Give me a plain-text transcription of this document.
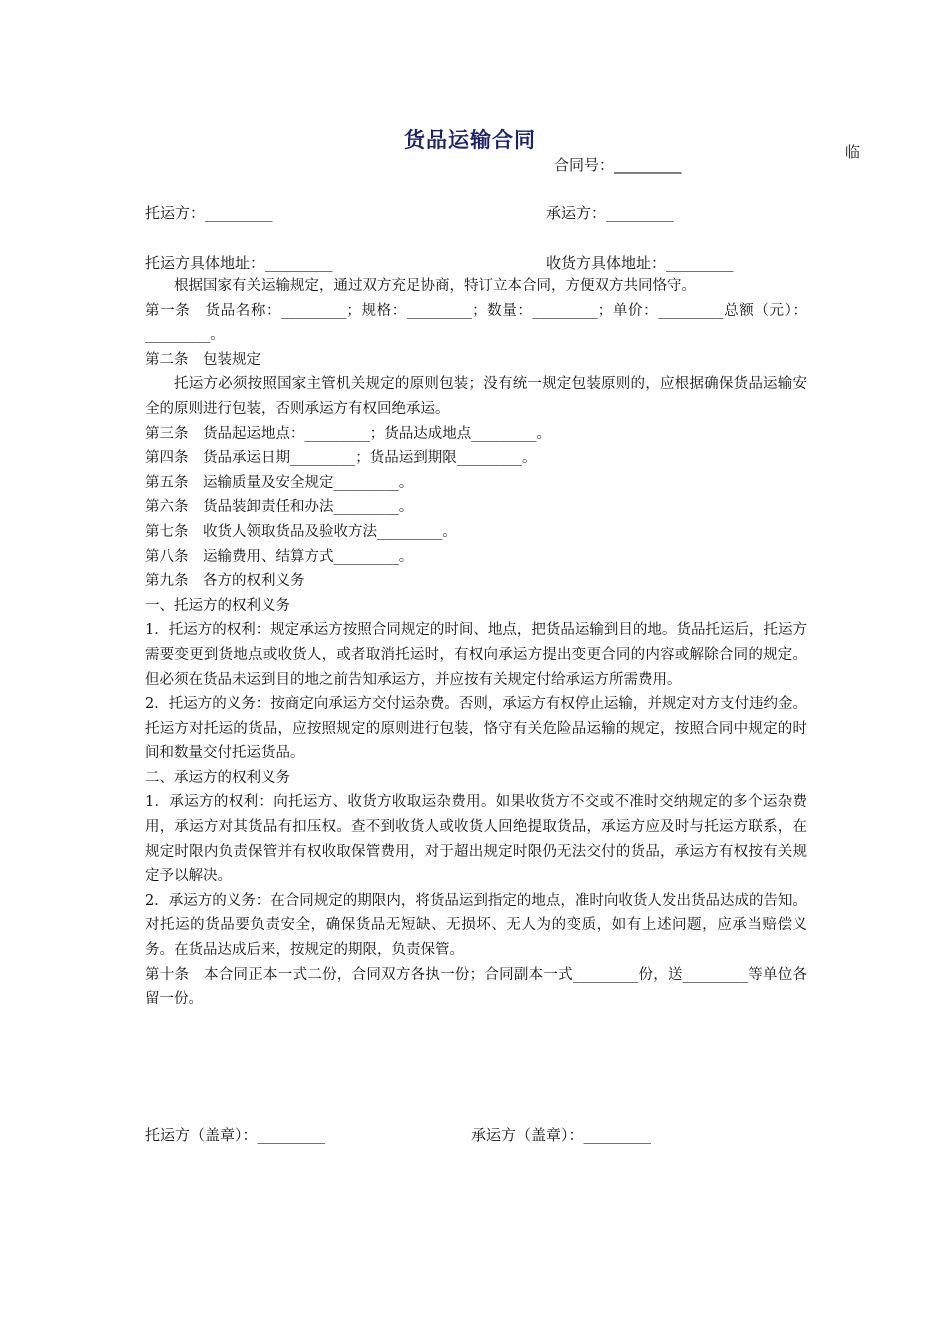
货品运输合同
合同号：_________
临
托运方：_________	承运方：_________
托运方具体地址：_________	收货方具体地址：_________

根据国家有关运输规定，通过双方充足协商，特订立本合同，方便双方共同恪守。

第一条　货品名称：_________；规格：_________；数量：_________；单价：_________总额（元）：_________。

第二条　包装规定

托运方必须按照国家主管机关规定的原则包装；没有统一规定包装原则的，应根据确保货品运输安全的原则进行包装，否则承运方有权回绝承运。

第三条　货品起运地点：_________；货品达成地点_________。

第四条　货品承运日期_________；货品运到期限_________。

第五条　运输质量及安全规定_________。

第六条　货品装卸责任和办法_________。

第七条　收货人领取货品及验收方法_________。

第八条　运输费用、结算方式_________。

第九条　各方的权利义务

一、托运方的权利义务

1．托运方的权利：规定承运方按照合同规定的时间、地点，把货品运输到目的地。货品托运后，托运方需要变更到货地点或收货人，或者取消托运时，有权向承运方提出变更合同的内容或解除合同的规定。但必须在货品未运到目的地之前告知承运方，并应按有关规定付给承运方所需费用。

2．托运方的义务：按商定向承运方交付运杂费。否则，承运方有权停止运输，并规定对方支付违约金。托运方对托运的货品，应按照规定的原则进行包装，恪守有关危险品运输的规定，按照合同中规定的时间和数量交付托运货品。

二、承运方的权利义务

1．承运方的权利：向托运方、收货方收取运杂费用。如果收货方不交或不准时交纳规定的多个运杂费用，承运方对其货品有扣压权。查不到收货人或收货人回绝提取货品，承运方应及时与托运方联系，在规定时限内负责保管并有权收取保管费用，对于超出规定时限仍无法交付的货品，承运方有权按有关规定予以解决。

2．承运方的义务：在合同规定的期限内，将货品运到指定的地点，准时向收货人发出货品达成的告知。对托运的货品要负责安全，确保货品无短缺、无损坏、无人为的变质，如有上述问题，应承当赔偿义务。在货品达成后来，按规定的期限，负责保管。

第十条　本合同正本一式二份，合同双方各执一份；合同副本一式_________份，送_________等单位各留一份。

托运方（盖章）：_________	承运方（盖章）：_________
